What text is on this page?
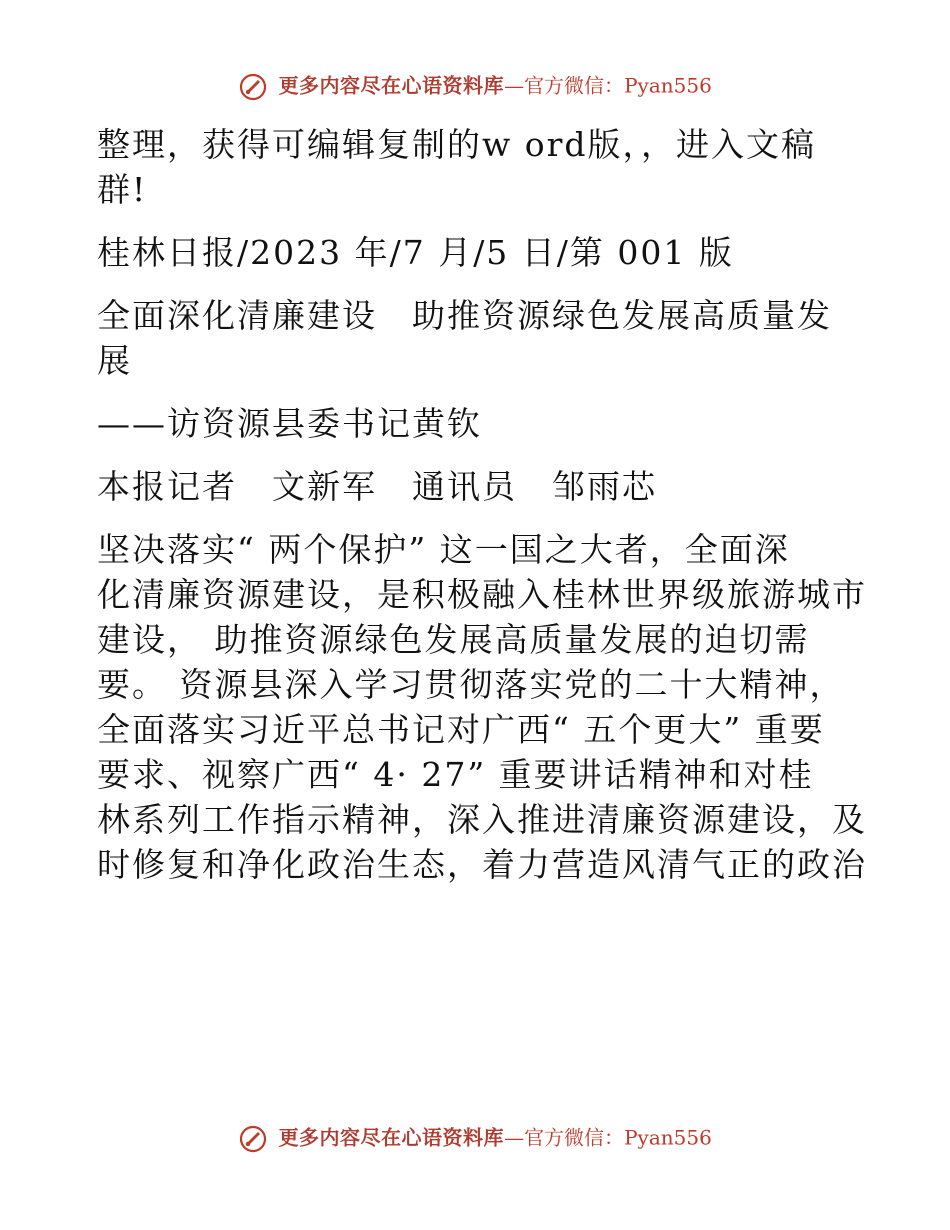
更多内容尽在心语资料库—官方微信：Pyan556

整理，获得可编辑复制的w ord版，，进入文稿

群!

桂林日报/2023 年/7 月/5 日/第 001 版

全面深化清廉建设　助推资源绿色发展高质量发

展

——访资源县委书记黄钦

本报记者　文新军　通讯员　邹雨芯

坚决落实“ 两个保护” 这一国之大者，全面深

化清廉资源建设，是积极融入桂林世界级旅游城市

建设， 助推资源绿色发展高质量发展的迫切需

要。 资源县深入学习贯彻落实党的二十大精神，

全面落实习近平总书记对广西“ 五个更大” 重要

要求、视察广西“ 4· 27” 重要讲话精神和对桂

林系列工作指示精神，深入推进清廉资源建设，及

时修复和净化政治生态，着力营造风清气正的政治

更多内容尽在心语资料库—官方微信：Pyan556
